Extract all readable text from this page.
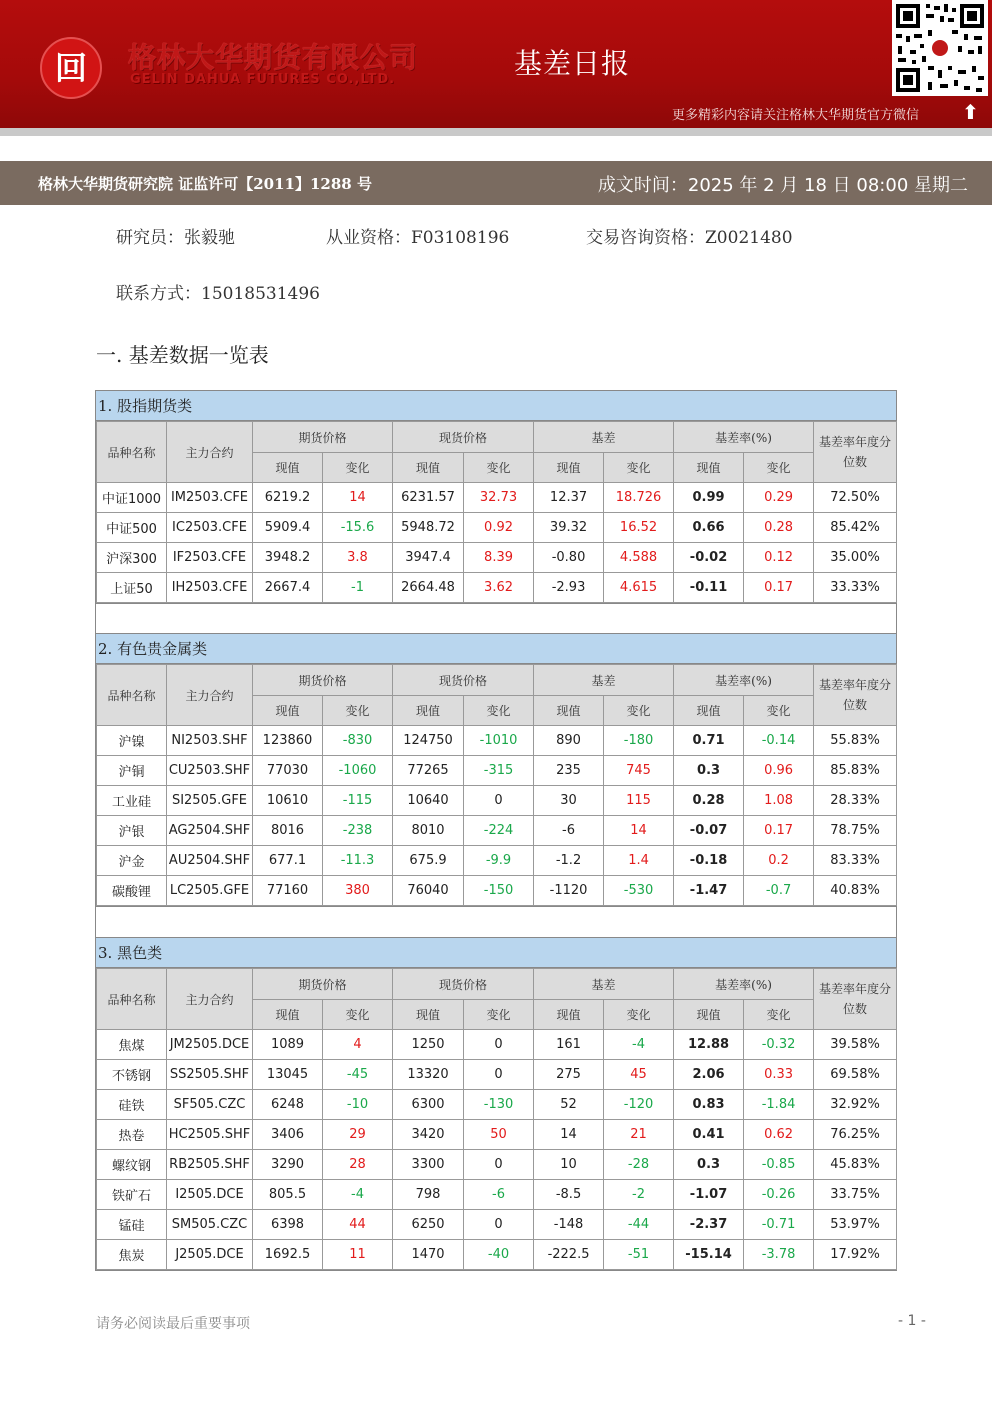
回	格林大华期货有限公司
GELIN DAHUA FUTURES CO.,LTD.	基差日报
更多精彩内容请关注格林大华期货官方微信 ⬆
格林大华期货研究院 证监许可【2011】1288 号	成文时间：2025 年 2 月 18 日 08:00 星期二
研究员：张毅驰	从业资格：F03108196	交易咨询资格：Z0021480
联系方式：15018531496
一. 基差数据一览表
1. 股指期货类
品种名称	主力合约	期货价格		现货价格		基差		基差率(%)		基差率年度分位数
		现值	变化	现值	变化	现值	变化	现值	变化	
中证1000	IM2503.CFE	6219.2	14	6231.57	32.73	12.37	18.726	0.99	0.29	72.50%
中证500	IC2503.CFE	5909.4	-15.6	5948.72	0.92	39.32	16.52	0.66	0.28	85.42%
沪深300	IF2503.CFE	3948.2	3.8	3947.4	8.39	-0.80	4.588	-0.02	0.12	35.00%
上证50	IH2503.CFE	2667.4	-1	2664.48	3.62	-2.93	4.615	-0.11	0.17	33.33%
2. 有色贵金属类
品种名称	主力合约	期货价格		现货价格		基差		基差率(%)		基差率年度分位数
		现值	变化	现值	变化	现值	变化	现值	变化	
沪镍	NI2503.SHF	123860	-830	124750	-1010	890	-180	0.71	-0.14	55.83%
沪铜	CU2503.SHF	77030	-1060	77265	-315	235	745	0.3	0.96	85.83%
工业硅	SI2505.GFE	10610	-115	10640	0	30	115	0.28	1.08	28.33%
沪银	AG2504.SHF	8016	-238	8010	-224	-6	14	-0.07	0.17	78.75%
沪金	AU2504.SHF	677.1	-11.3	675.9	-9.9	-1.2	1.4	-0.18	0.2	83.33%
碳酸锂	LC2505.GFE	77160	380	76040	-150	-1120	-530	-1.47	-0.7	40.83%
3. 黑色类
品种名称	主力合约	期货价格		现货价格		基差		基差率(%)		基差率年度分位数
		现值	变化	现值	变化	现值	变化	现值	变化	
焦煤	JM2505.DCE	1089	4	1250	0	161	-4	12.88	-0.32	39.58%
不锈钢	SS2505.SHF	13045	-45	13320	0	275	45	2.06	0.33	69.58%
硅铁	SF505.CZC	6248	-10	6300	-130	52	-120	0.83	-1.84	32.92%
热卷	HC2505.SHF	3406	29	3420	50	14	21	0.41	0.62	76.25%
螺纹钢	RB2505.SHF	3290	28	3300	0	10	-28	0.3	-0.85	45.83%
铁矿石	I2505.DCE	805.5	-4	798	-6	-8.5	-2	-1.07	-0.26	33.75%
锰硅	SM505.CZC	6398	44	6250	0	-148	-44	-2.37	-0.71	53.97%
焦炭	J2505.DCE	1692.5	11	1470	-40	-222.5	-51	-15.14	-3.78	17.92%
请务必阅读最后重要事项	- 1 -
